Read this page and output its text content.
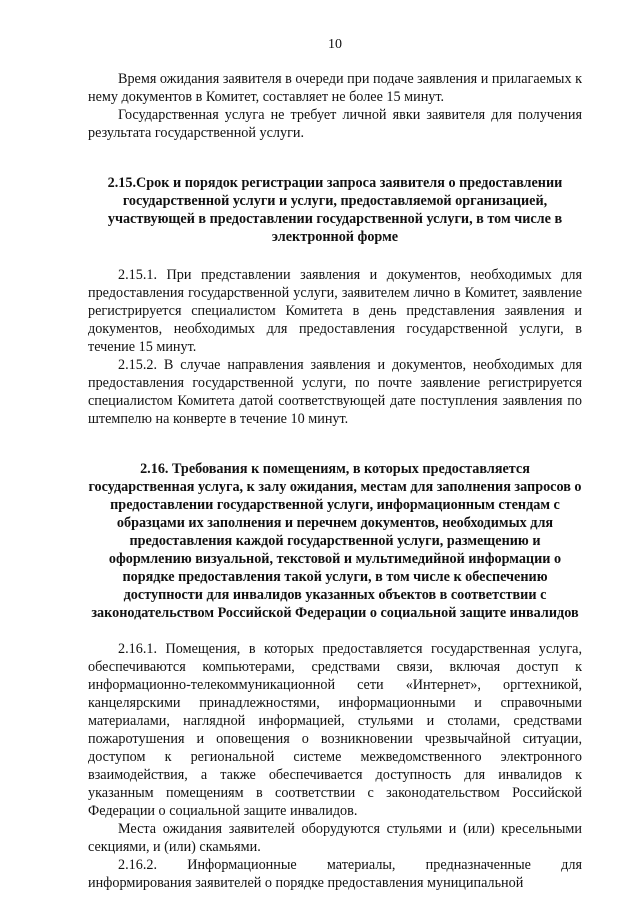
10

Время ожидания заявителя в очереди при подаче заявления и прилагаемых к нему документов в Комитет, составляет не более 15 минут.

Государственная услуга не требует личной явки заявителя для получения результата государственной услуги.

2.15.Срок и порядок регистрации запроса заявителя о предоставлении государственной услуги и услуги, предоставляемой организацией, участвующей в предоставлении государственной услуги, в том числе в электронной форме

2.15.1. При представлении заявления и документов, необходимых для предоставления государственной услуги, заявителем лично в Комитет, заявление регистрируется специалистом Комитета в день представления заявления и документов, необходимых для предоставления государственной услуги, в течение 15 минут.

2.15.2. В случае направления заявления и документов, необходимых для предоставления государственной услуги, по почте заявление регистрируется специалистом Комитета датой соответствующей дате поступления заявления по штемпелю на конверте в течение 10 минут.

2.16. Требования к помещениям, в которых предоставляется государственная услуга, к залу ожидания, местам для заполнения запросов о предоставлении государственной услуги, информационным стендам с образцами их заполнения и перечнем документов, необходимых для предоставления каждой государственной услуги, размещению и оформлению визуальной, текстовой и мультимедийной информации о порядке предоставления такой услуги, в том числе к обеспечению доступности для инвалидов указанных объектов в соответствии с законодательством Российской Федерации о социальной защите инвалидов

2.16.1. Помещения, в которых предоставляется государственная услуга, обеспечиваются компьютерами, средствами связи, включая доступ к информационно-телекоммуникационной сети «Интернет», оргтехникой, канцелярскими принадлежностями, информационными и справочными материалами, наглядной информацией, стульями и столами, средствами пожаротушения и оповещения о возникновении чрезвычайной ситуации, доступом к региональной системе межведомственного электронного взаимодействия, а также обеспечивается доступность для инвалидов к указанным помещениям в соответствии с законодательством Российской Федерации о социальной защите инвалидов.

Места ожидания заявителей оборудуются стульями и (или) кресельными секциями, и (или) скамьями.

2.16.2. Информационные материалы, предназначенные для информирования заявителей о порядке предоставления муниципальной
